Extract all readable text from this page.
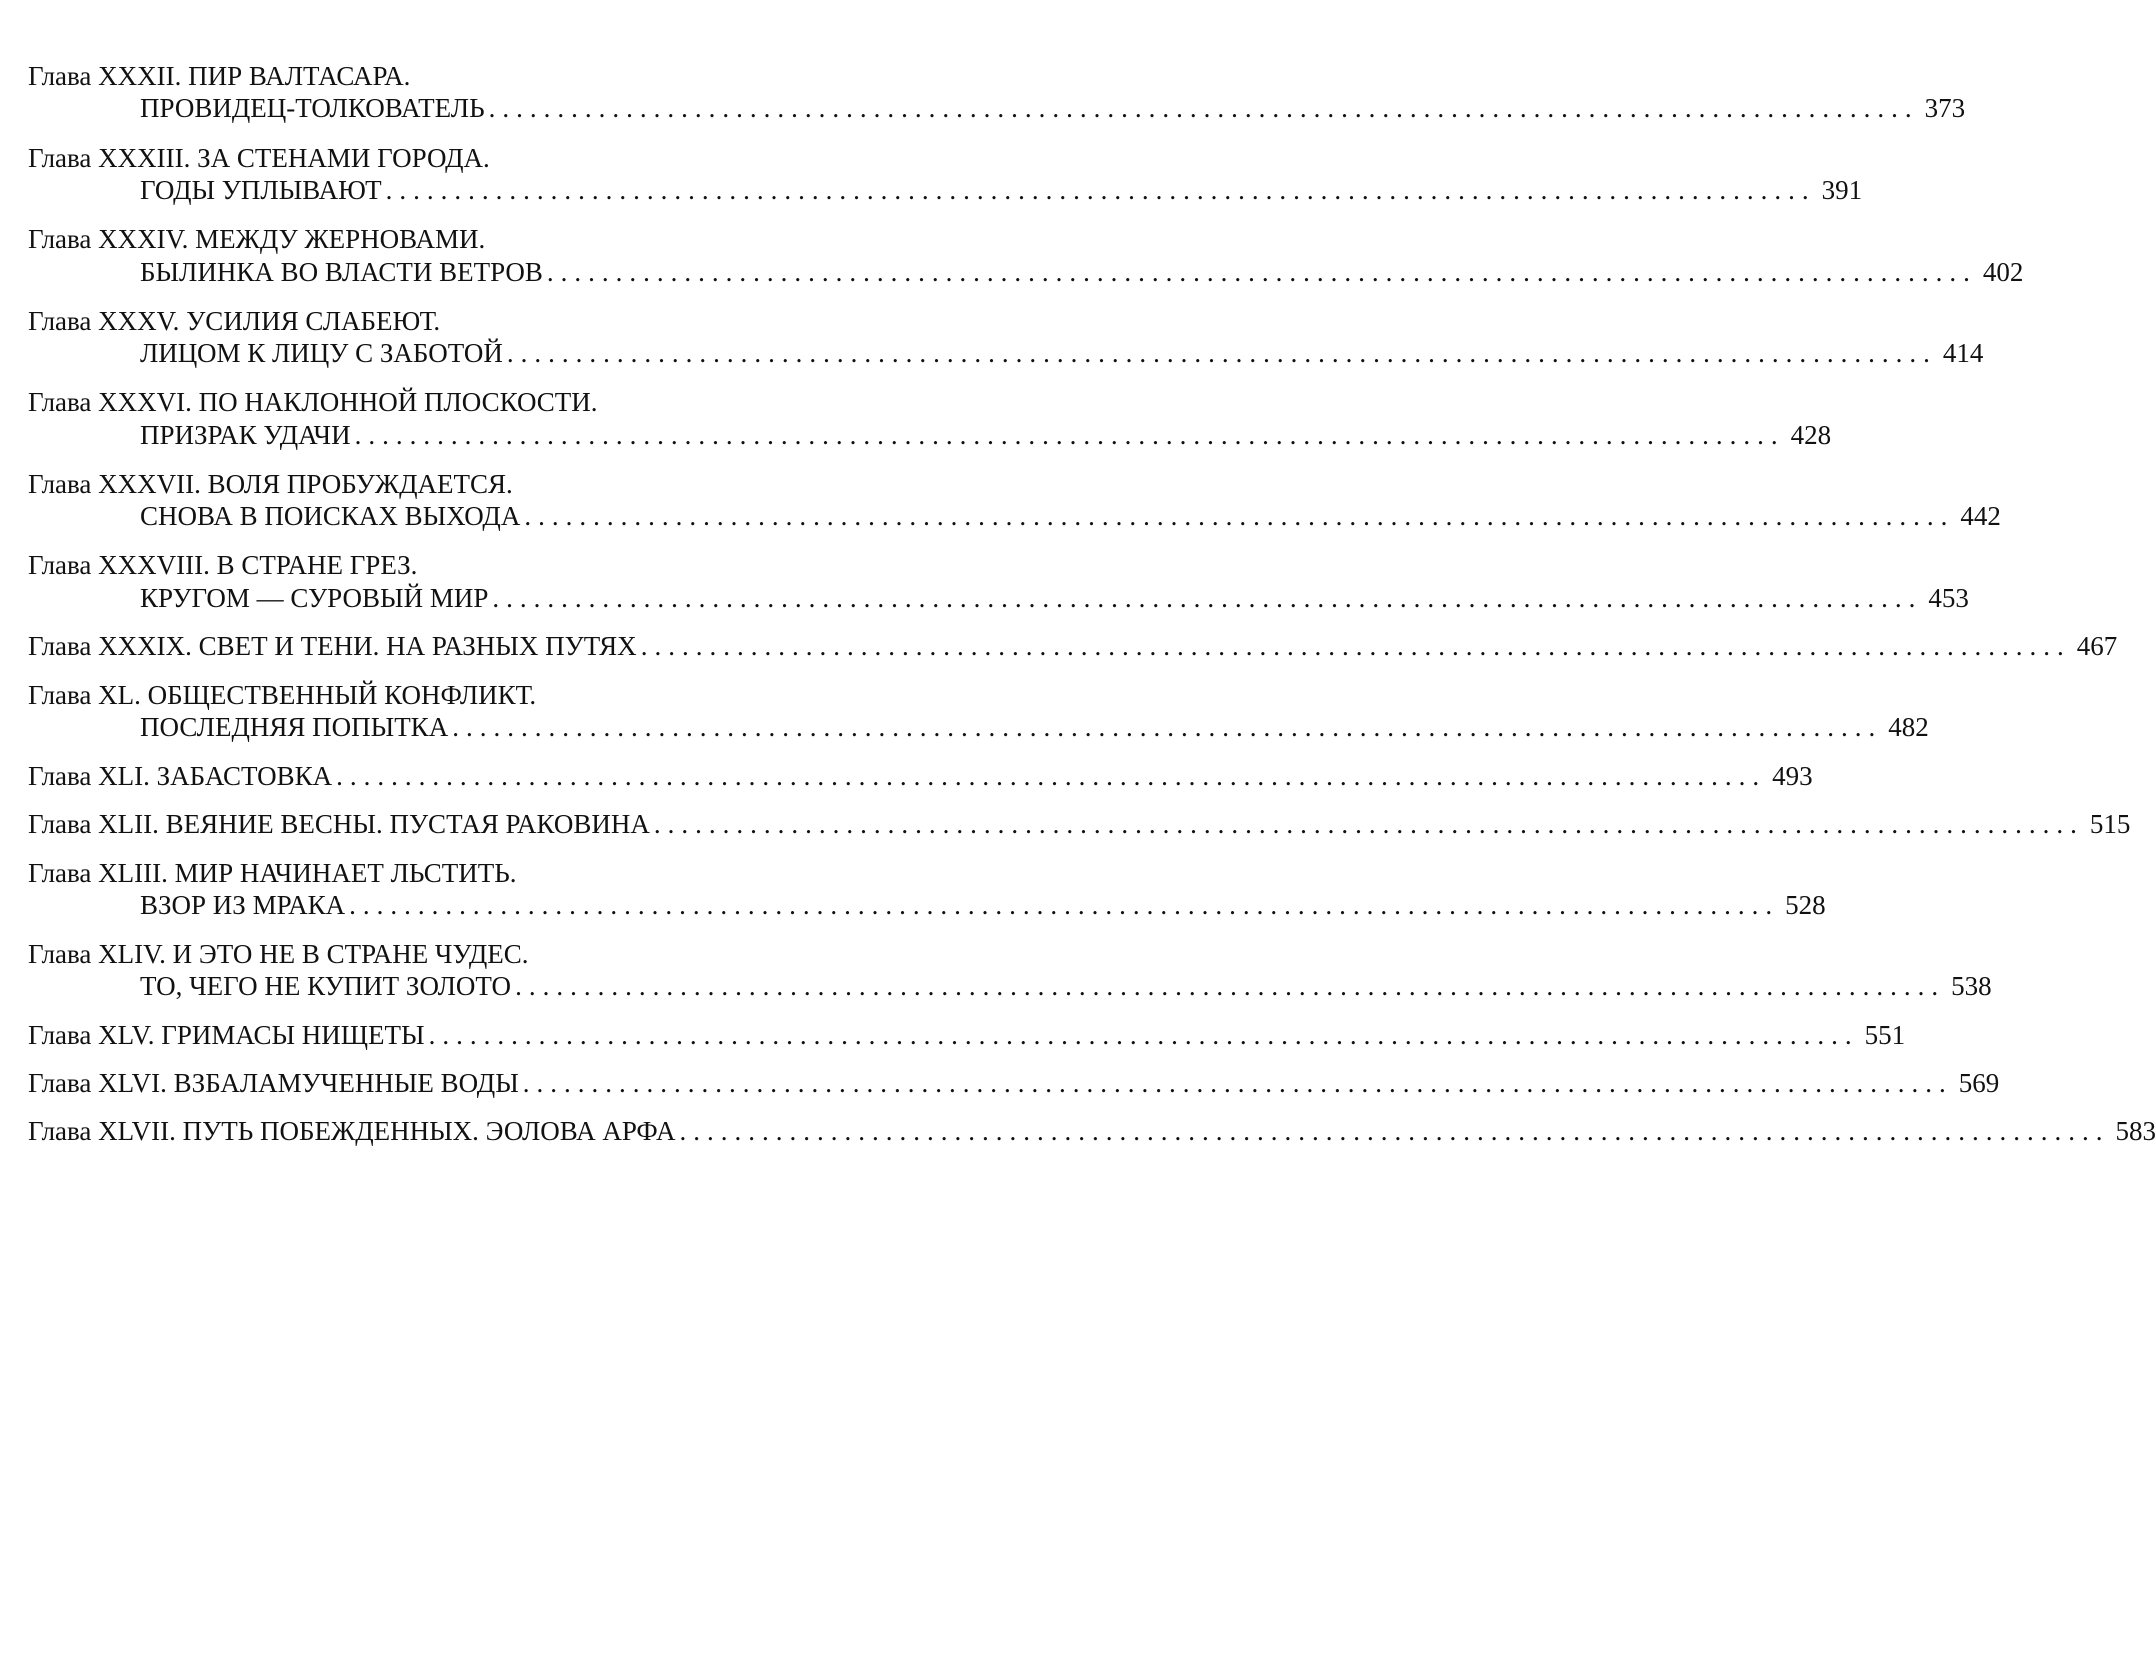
Глава XXXII. ПИР ВАЛТАСАРА.
ПРОВИДЕЦ-ТОЛКОВАТЕЛЬ ........................................................................................................ 373
Глава XXXIII. ЗА СТЕНАМИ ГОРОДА.
ГОДЫ УПЛЫВАЮТ ........................................................................................................ 391
Глава XXXIV. МЕЖДУ ЖЕРНОВАМИ.
БЫЛИНКА ВО ВЛАСТИ ВЕТРОВ ........................................................................................................ 402
Глава XXXV. УСИЛИЯ СЛАБЕЮТ.
ЛИЦОМ К ЛИЦУ С ЗАБОТОЙ ........................................................................................................ 414
Глава XXXVI. ПО НАКЛОННОЙ ПЛОСКОСТИ.
ПРИЗРАК УДАЧИ ........................................................................................................ 428
Глава XXXVII. ВОЛЯ ПРОБУЖДАЕТСЯ.
СНОВА В ПОИСКАХ ВЫХОДА ........................................................................................................ 442
Глава XXXVIII. В СТРАНЕ ГРЕЗ.
КРУГОМ — СУРОВЫЙ МИР ........................................................................................................ 453
Глава XXXIX. СВЕТ И ТЕНИ. НА РАЗНЫХ ПУТЯХ ........................................................................................................ 467
Глава XL. ОБЩЕСТВЕННЫЙ КОНФЛИКТ.
ПОСЛЕДНЯЯ ПОПЫТКА ........................................................................................................ 482
Глава XLI. ЗАБАСТОВКА ........................................................................................................ 493
Глава XLII. ВЕЯНИЕ ВЕСНЫ. ПУСТАЯ РАКОВИНА ........................................................................................................ 515
Глава XLIII. МИР НАЧИНАЕТ ЛЬСТИТЬ.
ВЗОР ИЗ МРАКА ........................................................................................................ 528
Глава XLIV. И ЭТО НЕ В СТРАНЕ ЧУДЕС.
ТО, ЧЕГО НЕ КУПИТ ЗОЛОТО ........................................................................................................ 538
Глава XLV. ГРИМАСЫ НИЩЕТЫ ........................................................................................................ 551
Глава XLVI. ВЗБАЛАМУЧЕННЫЕ ВОДЫ ........................................................................................................ 569
Глава XLVII. ПУТЬ ПОБЕЖДЕННЫХ. ЭОЛОВА АРФА ........................................................................................................ 583
